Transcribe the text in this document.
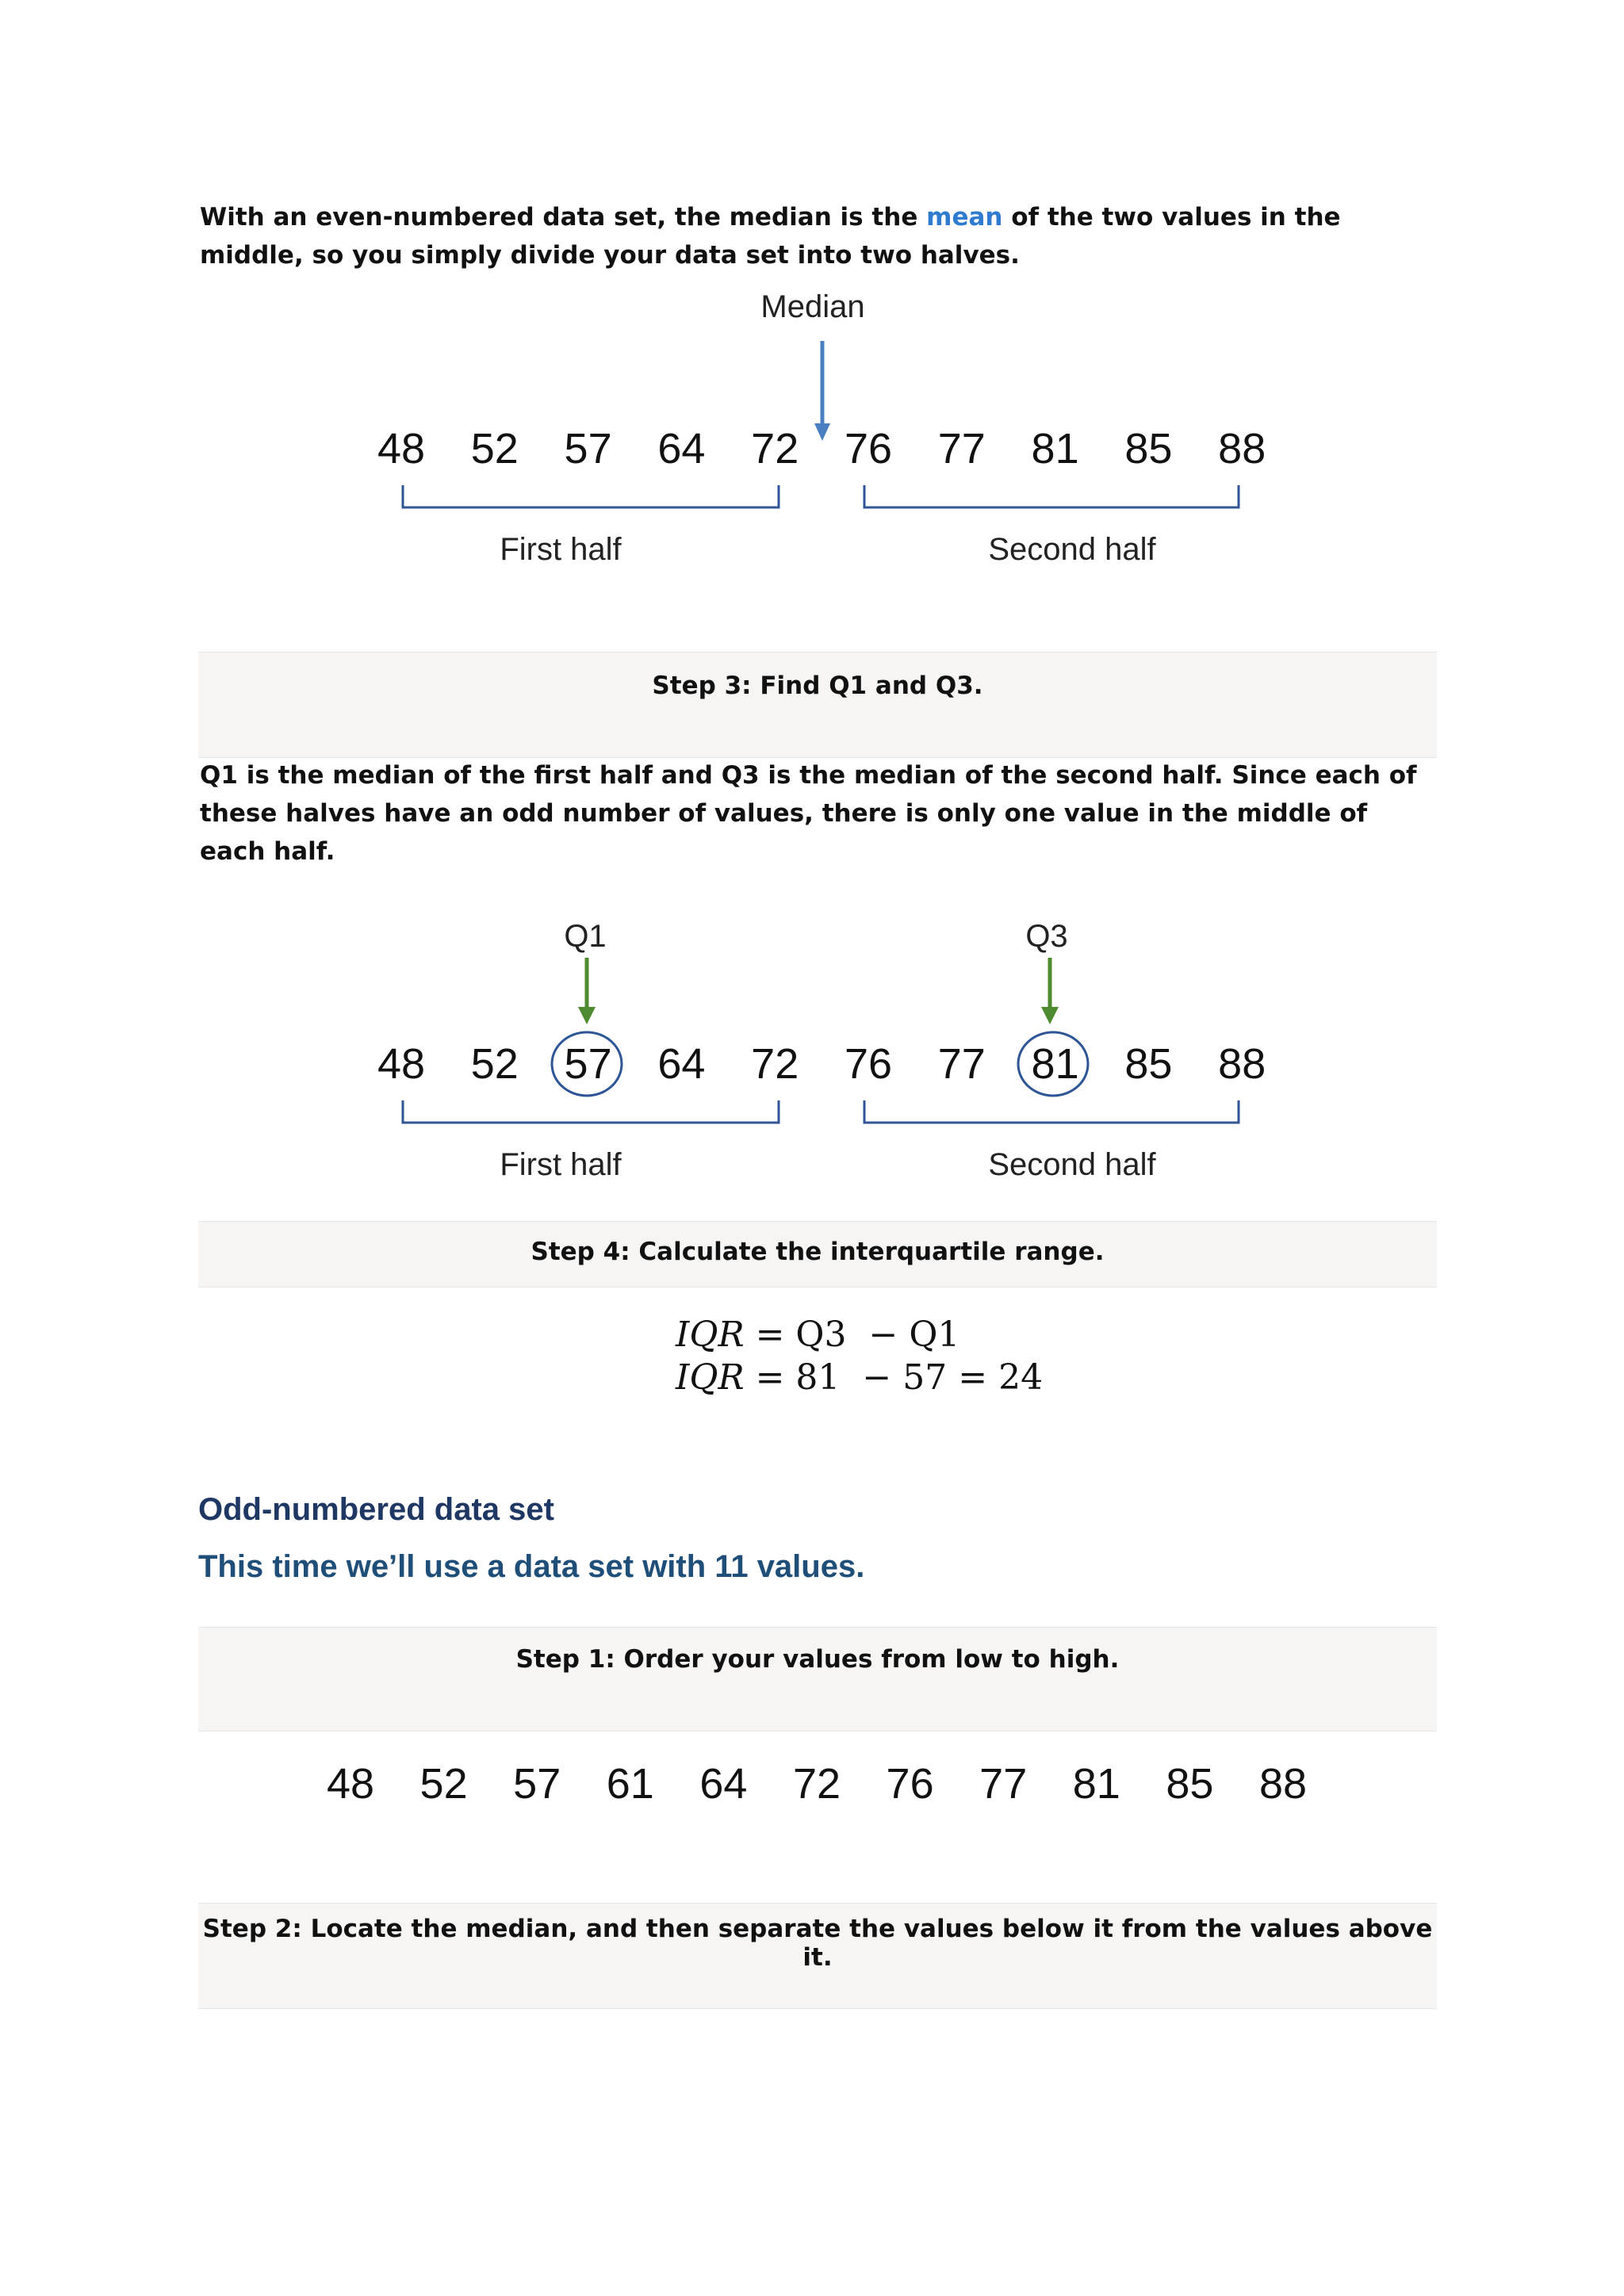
With an even-numbered data set, the median is the mean of the two values in the middle, so you simply divide your data set into two halves.
Median
48 52 57 64 72 76 77 81 85 88
First half	Second half
Step 3: Find Q1 and Q3.
Q1 is the median of the first half and Q3 is the median of the second half. Since each of these halves have an odd number of values, there is only one value in the middle of each half.
Q1	Q3
48 52 57 64 72 76 77 81 85 88
First half	Second half
Step 4: Calculate the interquartile range.
IQR = Q3  − Q1
IQR = 81  − 57 = 24
Odd-numbered data set
This time we’ll use a data set with 11 values.
Step 1: Order your values from low to high.
48 52 57 61 64 72 76 77 81 85 88
Step 2: Locate the median, and then separate the values below it from the values above it.
